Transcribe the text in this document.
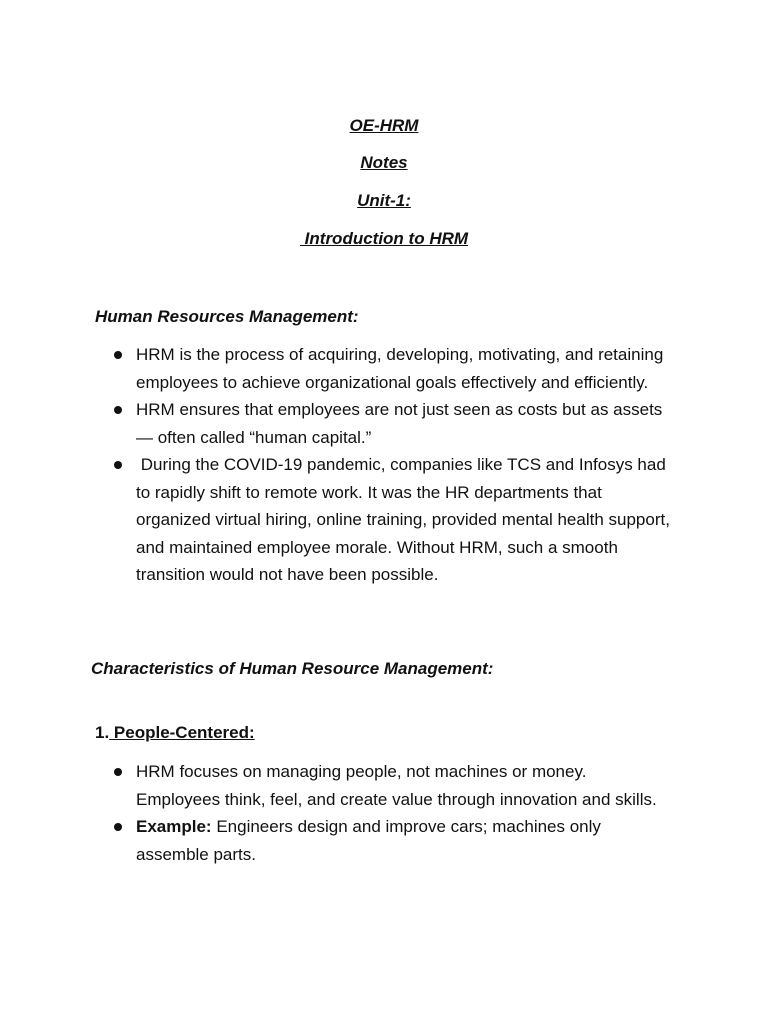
OE-HRM
Notes
Unit-1:
Introduction to HRM
Human Resources Management:
HRM is the process of acquiring, developing, motivating, and retaining employees to achieve organizational goals effectively and efficiently.
HRM ensures that employees are not just seen as costs but as assets — often called “human capital.”
During the COVID-19 pandemic, companies like TCS and Infosys had to rapidly shift to remote work. It was the HR departments that organized virtual hiring, online training, provided mental health support, and maintained employee morale. Without HRM, such a smooth transition would not have been possible.
Characteristics of Human Resource Management:
1. People-Centered:
HRM focuses on managing people, not machines or money. Employees think, feel, and create value through innovation and skills.
Example: Engineers design and improve cars; machines only assemble parts.
